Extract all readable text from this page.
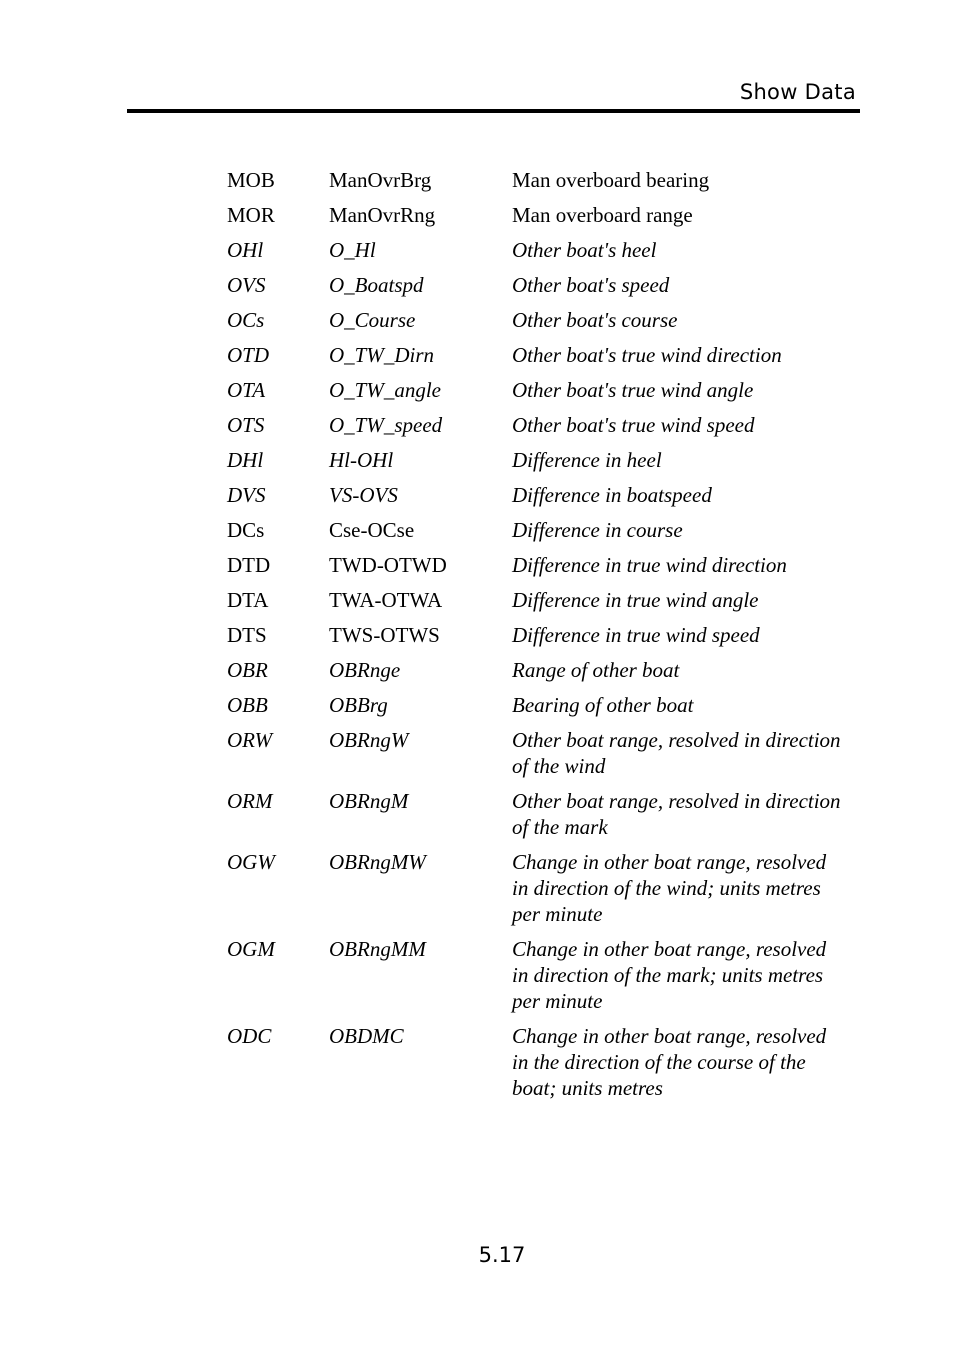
Show Data
MOB	ManOvrBrg	Man overboard bearing
MOR	ManOvrRng	Man overboard range
OHl	O_Hl	Other boat's heel
OVS	O_Boatspd	Other boat's speed
OCs	O_Course	Other boat's course
OTD	O_TW_Dirn	Other boat's true wind direction
OTA	O_TW_angle	Other boat's true wind angle
OTS	O_TW_speed	Other boat's true wind speed
DHl	Hl-OHl	Difference in heel
DVS	VS-OVS	Difference in boatspeed
DCs	Cse-OCse	Difference in course
DTD	TWD-OTWD	Difference in true wind direction
DTA	TWA-OTWA	Difference in true wind angle
DTS	TWS-OTWS	Difference in true wind speed
OBR	OBRnge	Range of other boat
OBB	OBBrg	Bearing of other boat
ORW	OBRngW	Other boat range, resolved in direction of the wind
ORM	OBRngM	Other boat range, resolved in direction of the mark
OGW	OBRngMW	Change in other boat range, resolved in direction of the wind; units metres per minute
OGM	OBRngMM	Change in other boat range, resolved in direction of the mark; units metres per minute
ODC	OBDMC	Change in other boat range, resolved in the direction of the course of the boat; units metres
5.17
